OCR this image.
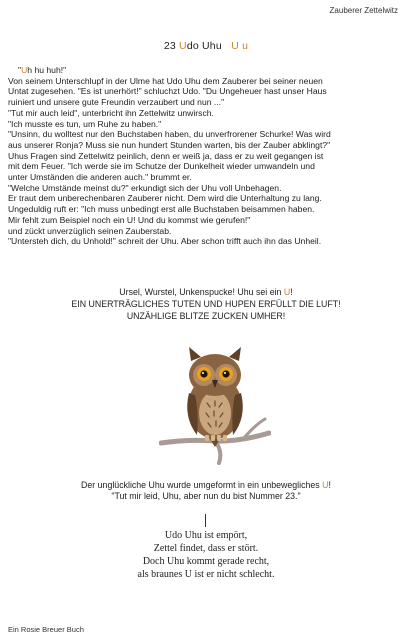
Zauberer Zettelwitz
23 Udo Uhu U u

"Uh hu huh!"

Von seinem Unterschlupf in der Ulme hat Udo Uhu dem Zauberer bei seiner neuen

Untat zugesehen. "Es ist unerhört!" schluchzt Udo. "Du Ungeheuer hast unser Haus

ruiniert und unsere gute Freundin verzaubert und nun ..."

"Tut mir auch leid", unterbricht ihn Zettelwitz unwirsch.

"Ich musste es tun, um Ruhe zu haben."

"Unsinn, du wolltest nur den Buchstaben haben, du unverfrorener Schurke! Was wird

aus unserer Ronja? Muss sie nun hundert Stunden warten, bis der Zauber abklingt?"

Uhus Fragen sind Zettelwitz peinlich, denn er weiß ja, dass er zu weit gegangen ist

mit dem Feuer. "Ich werde sie im Schutze der Dunkelheit wieder umwandeln und

unter Umständen die anderen auch." brummt er.

"Welche Umstände meinst du?" erkundigt sich der Uhu voll Unbehagen.

Er traut dem unberechenbaren Zauberer nicht. Dem wird die Unterhaltung zu lang.

Ungeduldig ruft er: "Ich muss unbedingt erst alle Buchstaben beisammen haben.

Mir fehlt zum Beispiel noch ein U! Und du kommst wie gerufen!"

und zückt unverzüglich seinen Zauberstab.

"Untersteh dich, du Unhold!" schreit der Uhu. Aber schon trifft auch ihn das Unheil.

Ursel, Wurstel, Unkenspucke! Uhu sei ein U!

EIN UNERTRÄGLICHES TUTEN UND HUPEN ERFÜLLT DIE LUFT!

UNZÄHLIGE BLITZE ZUCKEN UMHER!

Der unglückliche Uhu wurde umgeformt in ein unbewegliches U!

"Tut mir leid, Uhu, aber nun du bist Nummer 23."

Udo Uhu ist empört,

Zettel findet, dass er stört.

Doch Uhu kommt gerade recht,

als braunes U ist er nicht schlecht.

Ein Rosie Breuer Buch
